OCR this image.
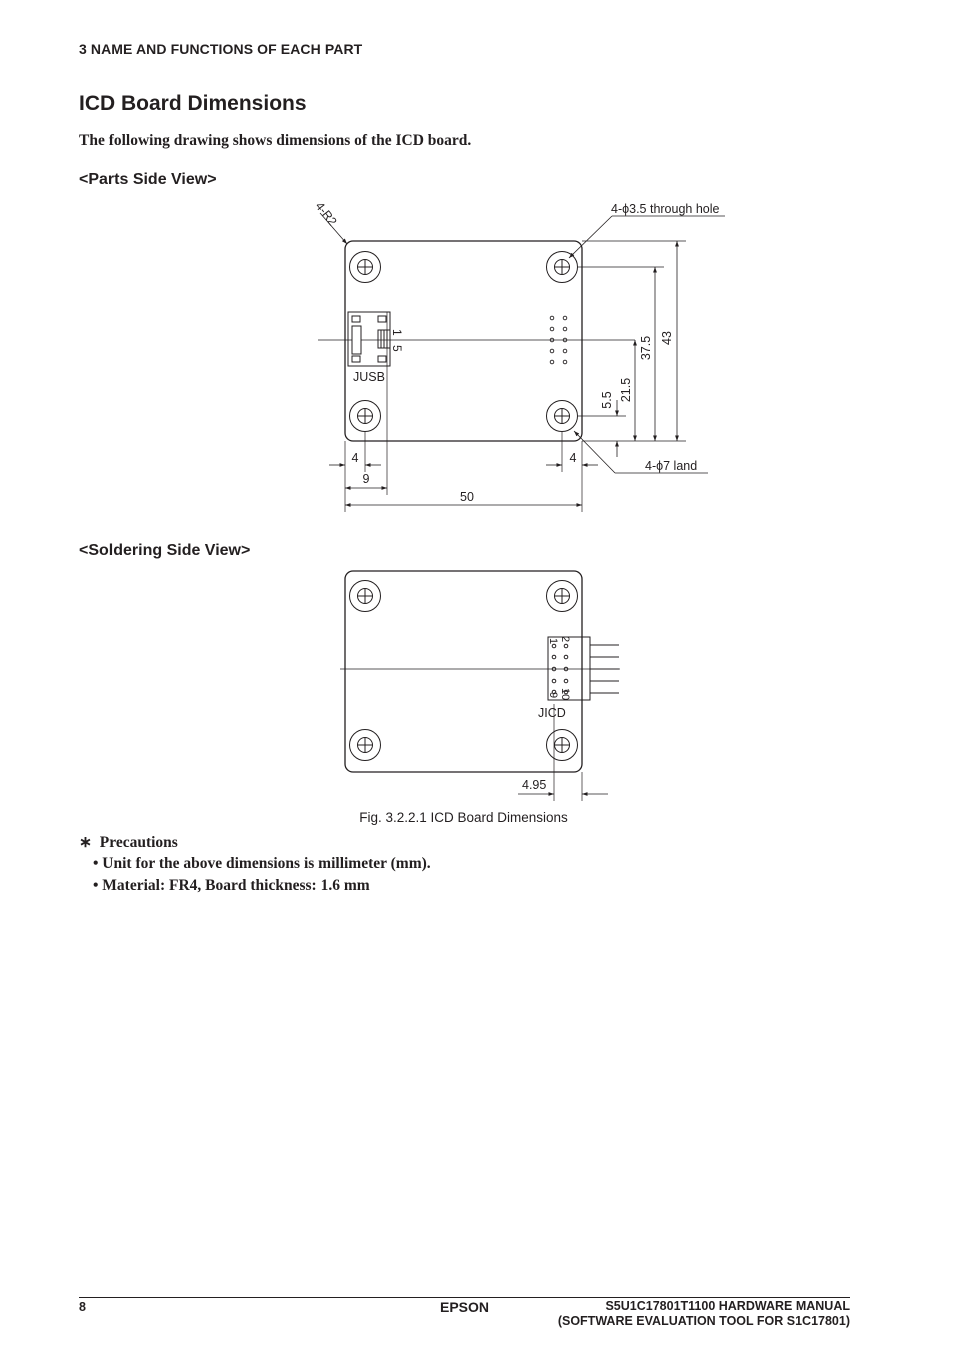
3 NAME AND FUNCTIONS OF EACH PART
ICD Board Dimensions
The following drawing shows dimensions of the ICD board.
<Parts Side View>
<Soldering Side View>
4-R2	4-ϕ3.5 through hole
4-ϕ7 land
JUSB
5
1
4	4
9
50
5.5 21.5
37.5 43
JICD
1 2
9 10
4.95
Fig. 3.2.2.1 ICD Board Dimensions
∗ Precautions
• Unit for the above dimensions is millimeter (mm).
• Material: FR4, Board thickness: 1.6 mm
8	EPSON	S5U1C17801T1100 HARDWARE MANUAL
(SOFTWARE EVALUATION TOOL FOR S1C17801)
